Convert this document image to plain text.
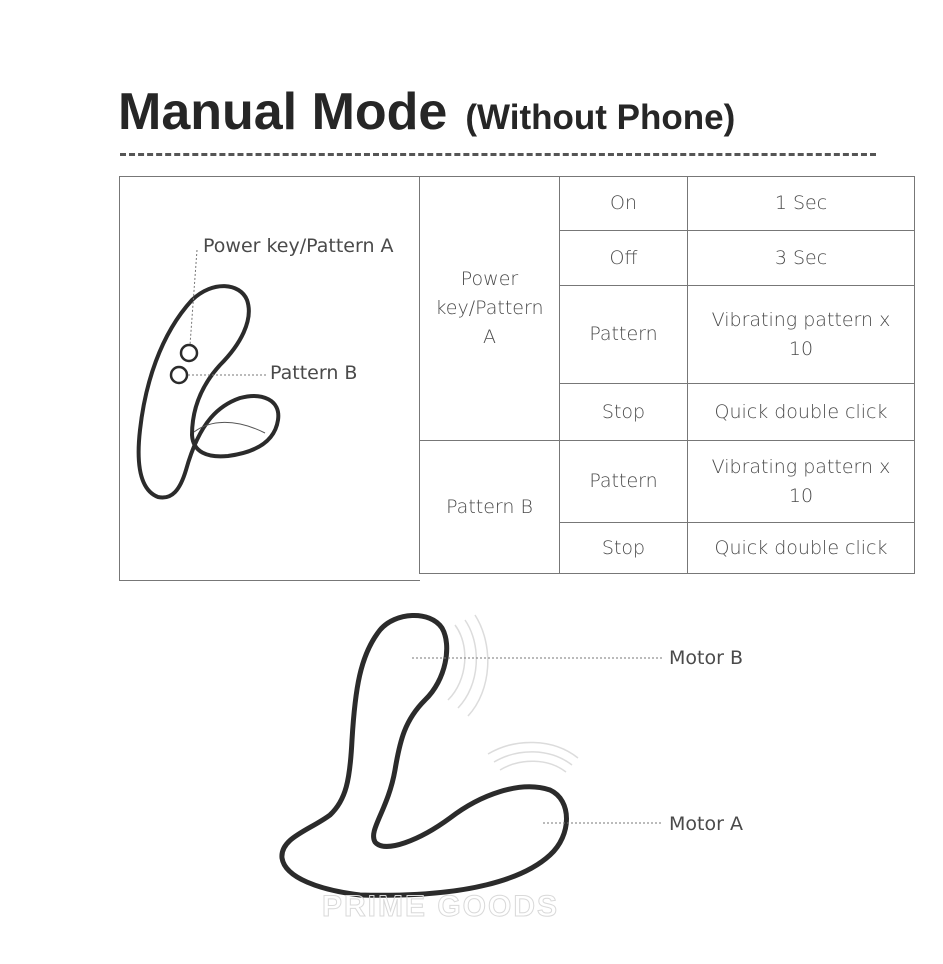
Manual Mode (Without Phone)
Power key/Pattern A	On	1 Sec
	Off	3 Sec
	Pattern	Vibrating pattern x 10
	Stop	Quick double click
Pattern B	Pattern	Vibrating pattern x 10
	Stop	Quick double click
Power key/Pattern A
Pattern B
Motor B
Motor A
PRIME GOODS
